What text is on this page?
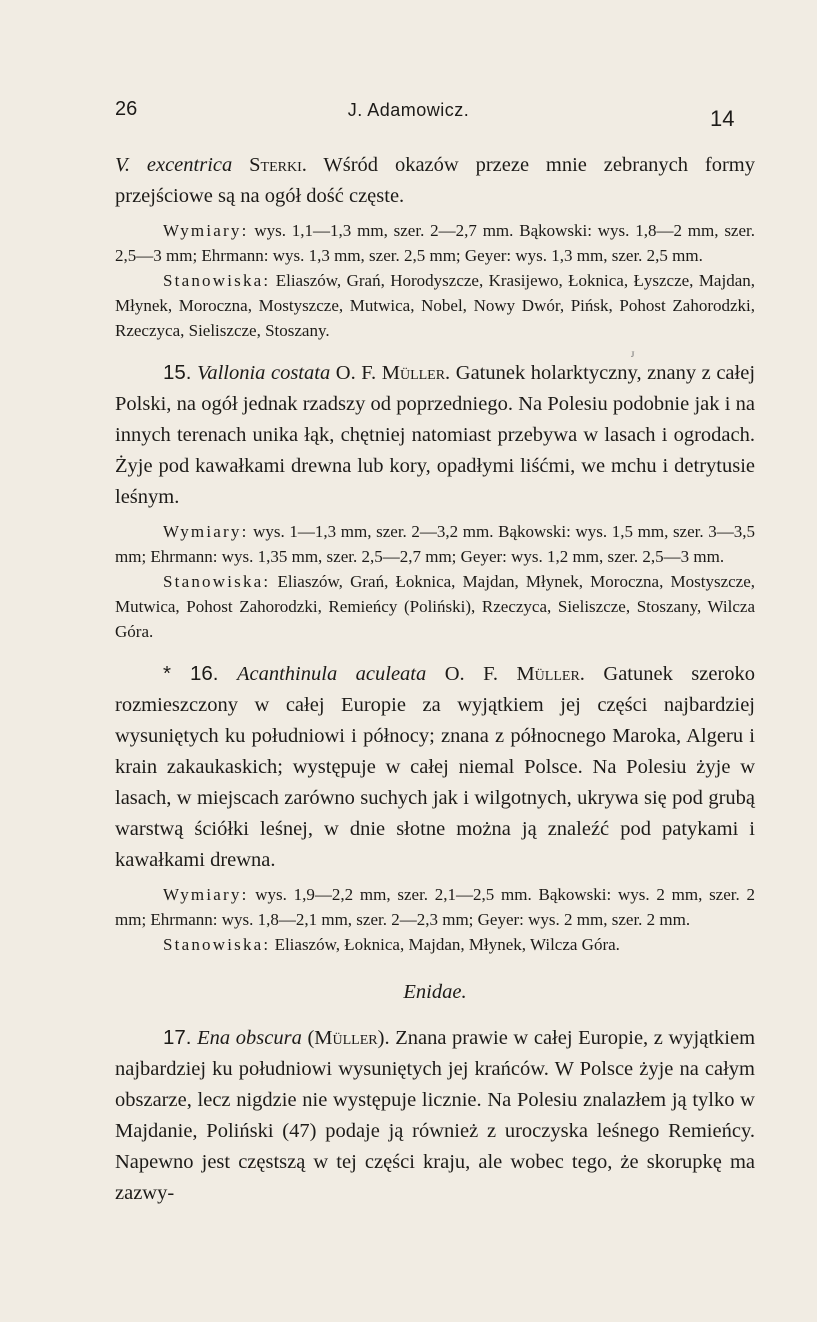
26	J. Adamowicz.	14
ᴊ

V. excentrica Sterki. Wśród okazów przeze mnie zebranych formy przejściowe są na ogół dość częste.

Wymiary: wys. 1,1—1,3 mm, szer. 2—2,7 mm. Bąkowski: wys. 1,8—2 mm, szer. 2,5—3 mm; Ehrmann: wys. 1,3 mm, szer. 2,5 mm; Geyer: wys. 1,3 mm, szer. 2,5 mm.

Stanowiska: Eliaszów, Grań, Horodyszcze, Krasijewo, Łoknica, Łyszcze, Majdan, Młynek, Moroczna, Mostyszcze, Mutwica, Nobel, Nowy Dwór, Pińsk, Pohost Zahorodzki, Rzeczyca, Sieliszcze, Stoszany.

15. Vallonia costata O. F. Müller. Gatunek holarktyczny, znany z całej Polski, na ogół jednak rzadszy od poprzedniego. Na Polesiu podobnie jak i na innych terenach unika łąk, chętniej natomiast przebywa w lasach i ogrodach. Żyje pod kawałkami drewna lub kory, opadłymi liśćmi, we mchu i detrytusie leśnym.

Wymiary: wys. 1—1,3 mm, szer. 2—3,2 mm. Bąkowski: wys. 1,5 mm, szer. 3—3,5 mm; Ehrmann: wys. 1,35 mm, szer. 2,5—2,7 mm; Geyer: wys. 1,2 mm, szer. 2,5—3 mm.

Stanowiska: Eliaszów, Grań, Łoknica, Majdan, Młynek, Moroczna, Mostyszcze, Mutwica, Pohost Zahorodzki, Remieńcy (Poliński), Rzeczyca, Sieliszcze, Stoszany, Wilcza Góra.

* 16. Acanthinula aculeata O. F. Müller. Gatunek szeroko rozmieszczony w całej Europie za wyjątkiem jej części najbardziej wysuniętych ku południowi i północy; znana z północnego Maroka, Algeru i krain zakaukaskich; występuje w całej niemal Polsce. Na Polesiu żyje w lasach, w miejscach zarówno suchych jak i wilgotnych, ukrywa się pod grubą warstwą ściółki leśnej, w dnie słotne można ją znaleźć pod patykami i kawałkami drewna.

Wymiary: wys. 1,9—2,2 mm, szer. 2,1—2,5 mm. Bąkowski: wys. 2 mm, szer. 2 mm; Ehrmann: wys. 1,8—2,1 mm, szer. 2—2,3 mm; Geyer: wys. 2 mm, szer. 2 mm.

Stanowiska: Eliaszów, Łoknica, Majdan, Młynek, Wilcza Góra.

Enidae.

17. Ena obscura (Müller). Znana prawie w całej Europie, z wyjątkiem najbardziej ku południowi wysuniętych jej krańców. W Polsce żyje na całym obszarze, lecz nigdzie nie występuje licznie. Na Polesiu znalazłem ją tylko w Majdanie, Poliński (47) podaje ją również z uroczyska leśnego Remieńcy. Napewno jest częstszą w tej części kraju, ale wobec tego, że skorupkę ma zazwy-
